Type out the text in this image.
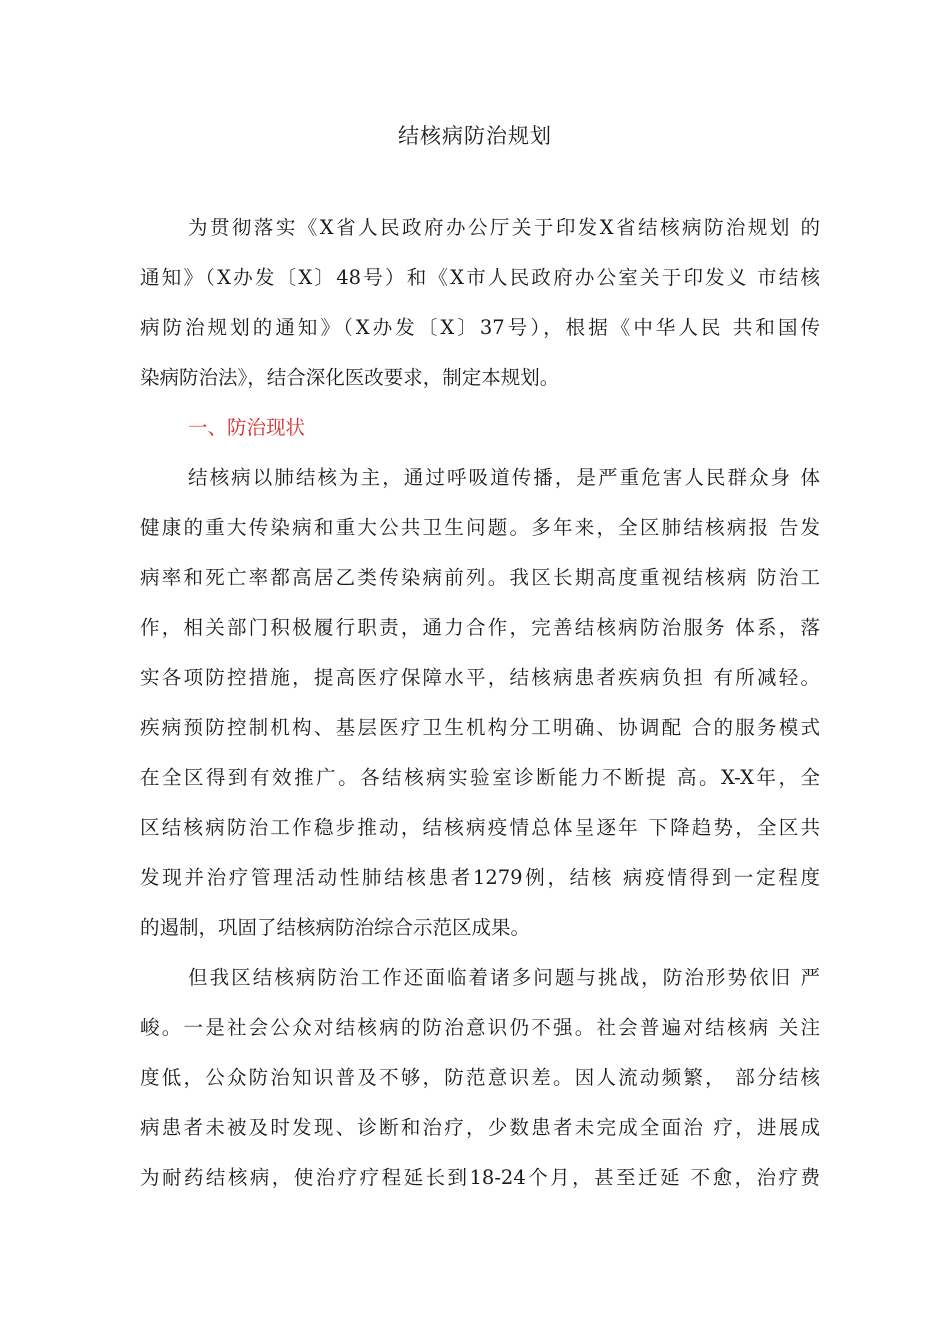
结核病防治规划
为贯彻落实《X省人民政府办公厅关于印发X省结核病防治规划 的
通知》（X办发〔X〕48号）和《X市人民政府办公室关于印发义 市结核
病防治规划的通知》（X办发〔X〕37号），根据《中华人民 共和国传
染病防治法》，结合深化医改要求，制定本规划。
一、防治现状
结核病以肺结核为主，通过呼吸道传播，是严重危害人民群众身 体
健康的重大传染病和重大公共卫生问题。多年来，全区肺结核病报 告发
病率和死亡率都高居乙类传染病前列。我区长期高度重视结核病 防治工
作，相关部门积极履行职责，通力合作，完善结核病防治服务 体系，落
实各项防控措施，提高医疗保障水平，结核病患者疾病负担 有所减轻。
疾病预防控制机构、基层医疗卫生机构分工明确、协调配 合的服务模式
在全区得到有效推广。各结核病实验室诊断能力不断提 高。X-X年，全
区结核病防治工作稳步推动，结核病疫情总体呈逐年 下降趋势，全区共
发现并治疗管理活动性肺结核患者1279例，结核 病疫情得到一定程度
的遏制，巩固了结核病防治综合示范区成果。
但我区结核病防治工作还面临着诸多问题与挑战，防治形势依旧 严
峻。一是社会公众对结核病的防治意识仍不强。社会普遍对结核病 关注
度低，公众防治知识普及不够，防范意识差。因人流动频繁， 部分结核
病患者未被及时发现、诊断和治疗，少数患者未完成全面治 疗，进展成
为耐药结核病，使治疗疗程延长到18-24个月，甚至迁延 不愈，治疗费
